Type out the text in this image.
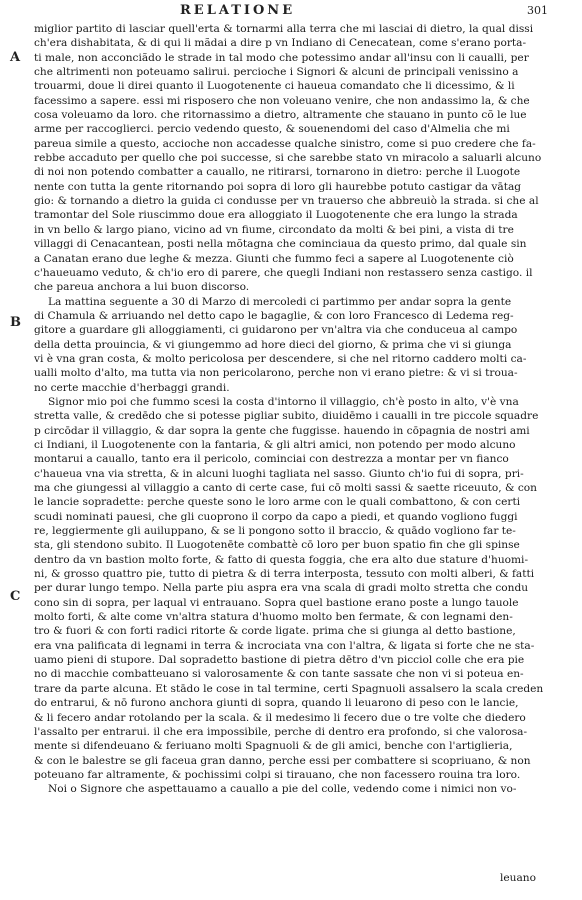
RELATIONE	301
A
B
C
miglior partito di lasciar quell'erta & tornarmi alla terra che mi lasciai di dietro, la qual dissi
ch'era dishabitata, & di qui li mãdai a dire p vn Indiano di Cenecatean, come s'erano porta-
ti male, non acconciãdo le strade in tal modo che potessimo andar all'insu con li caualli, per
che altrimenti non poteuamo salirui. percioche i Signori & alcuni de principali venissino a
trouarmi, doue li direi quanto il Luogotenente ci haueua comandato che li dicessimo, & li
facessimo a sapere. essi mi risposero che non voleuano venire, che non andassimo la, & che
cosa voleuamo da loro. che ritornassimo a dietro, altramente che stauano in punto cõ le lue
arme per raccoglierci. percio vedendo questo, & souenendomi del caso d'Almelia che mi
pareua simile a questo, accioche non accadesse qualche sinistro, come si puo credere che fa-
rebbe accaduto per quello che poi successe, si che sarebbe stato vn miracolo a saluarli alcuno
di noi non potendo combatter a cauallo, ne ritirarsi, tornarono in dietro: perche il Luogote
nente con tutta la gente ritornando poi sopra di loro gli haurebbe potuto castigar da vātag
gio: & tornando a dietro la guida ci condusse per vn trauerso che abbreuiò la strada. si che al
tramontar del Sole riuscimmo doue era alloggiato il Luogotenente che era lungo la strada
in vn bello & largo piano, vicino ad vn fiume, circondato da molti & bei pini, a vista di tre
villaggi di Cenacantean, posti nella mõtagna che cominciaua da questo primo, dal quale sin
a Canatan erano due leghe & mezza. Giunti che fummo feci a sapere al Luogotenente ciò
c'haueuamo veduto, & ch'io ero di parere, che quegli Indiani non restassero senza castigo. il
che pareua anchora a lui buon discorso.
La mattina seguente a 30 di Marzo di mercoledi ci partimmo per andar sopra la gente
di Chamula & arriuando nel detto capo le bagaglie, & con loro Francesco di Ledema reg-
gitore a guardare gli alloggiamenti, ci guidarono per vn'altra via che conduceua al campo
della detta prouincia, & vi giungemmo ad hore dieci del giorno, & prima che vi si giunga
vi è vna gran costa, & molto pericolosa per descendere, si che nel ritorno caddero molti ca-
ualli molto d'alto, ma tutta via non pericolarono, perche non vi erano pietre: & vi si troua-
no certe macchie d'herbaggi grandi.
Signor mio poi che fummo scesi la costa d'intorno il villaggio, ch'è posto in alto, v'è vna
stretta valle, & credēdo che si potesse pigliar subito, diuidēmo i caualli in tre piccole squadre
p circōdar il villaggio, & dar sopra la gente che fuggisse. hauendo in cōpagnia de nostri ami
ci Indiani, il Luogotenente con la fantaria, & gli altri amici, non potendo per modo alcuno
montarui a cauallo, tanto era il pericolo, cominciai con destrezza a montar per vn fianco
c'haueua vna via stretta, & in alcuni luoghi tagliata nel sasso. Giunto ch'io fui di sopra, pri-
ma che giungessi al villaggio a canto di certe case, fui cō molti sassi & saette riceuuto, & con
le lancie sopradette: perche queste sono le loro arme con le quali combattono, & con certi
scudi nominati pauesi, che gli cuoprono il corpo da capo a piedi, et quando vogliono fuggi
re, leggiermente gli auiluppano, & se li pongono sotto il braccio, & quādo vogliono far te-
sta, gli stendono subito. Il Luogotenēte combattè cō loro per buon spatio fin che gli spinse
dentro da vn bastion molto forte, & fatto di questa foggia, che era alto due stature d'huomi-
ni, & grosso quattro pie, tutto di pietra & di terra interposta, tessuto con molti alberi, & fatti
per durar lungo tempo. Nella parte piu aspra era vna scala di gradi molto stretta che condu
cono sin di sopra, per laqual vi entrauano. Sopra quel bastione erano poste a lungo tauole
molto forti, & alte come vn'altra statura d'huomo molto ben fermate, & con legnami den-
tro & fuori & con forti radici ritorte & corde ligate. prima che si giunga al detto bastione,
era vna palificata di legnami in terra & incrociata vna con l'altra, & ligata si forte che ne sta-
uamo pieni di stupore. Dal sopradetto bastione di pietra dētro d'vn picciol colle che era pie
no di macchie combatteuano si valorosamente & con tante sassate che non vi si poteua en-
trare da parte alcuna. Et stādo le cose in tal termine, certi Spagnuoli assalsero la scala creden
do entrarui, & nō furono anchora giunti di sopra, quando li leuarono di peso con le lancie,
& li fecero andar rotolando per la scala. & il medesimo li fecero due o tre volte che diedero
l'assalto per entrarui. il che era impossibile, perche di dentro era profondo, si che valorosa-
mente si difendeuano & feriuano molti Spagnuoli & de gli amici, benche con l'artiglieria,
& con le balestre se gli faceua gran danno, perche essi per combattere si scopriuano, & non
poteuano far altramente, & pochissimi colpi si tirauano, che non facessero rouina tra loro.
Noi o Signore che aspettauamo a cauallo a pie del colle, vedendo come i nimici non vo-
leuano
